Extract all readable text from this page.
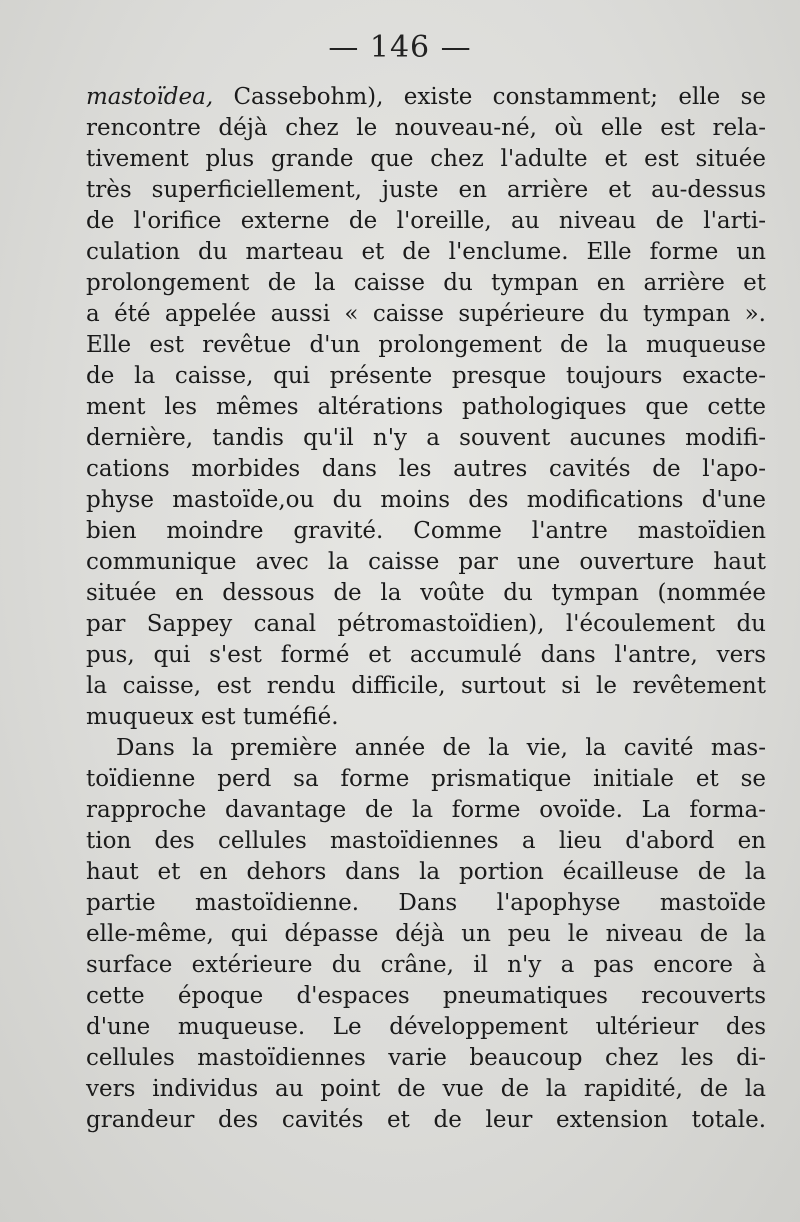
— 146 —
mastoïdea, Cassebohm), existe constamment; elle se
rencontre déjà chez le nouveau-né, où elle est rela-
tivement plus grande que chez l'adulte et est située
très superficiellement, juste en arrière et au-dessus
de l'orifice externe de l'oreille, au niveau de l'arti-
culation du marteau et de l'enclume. Elle forme un
prolongement de la caisse du tympan en arrière et
a été appelée aussi « caisse supérieure du tympan ».
Elle est revêtue d'un prolongement de la muqueuse
de la caisse, qui présente presque toujours exacte-
ment les mêmes altérations pathologiques que cette
dernière, tandis qu'il n'y a souvent aucunes modifi-
cations morbides dans les autres cavités de l'apo-
physe mastoïde,ou du moins des modifications d'une
bien moindre gravité. Comme l'antre mastoïdien
communique avec la caisse par une ouverture haut
située en dessous de la voûte du tympan (nommée
par Sappey canal pétromastoïdien), l'écoulement du
pus, qui s'est formé et accumulé dans l'antre, vers
la caisse, est rendu difficile, surtout si le revêtement
muqueux est tuméfié.
Dans la première année de la vie, la cavité mas-
toïdienne perd sa forme prismatique initiale et se
rapproche davantage de la forme ovoïde. La forma-
tion des cellules mastoïdiennes a lieu d'abord en
haut et en dehors dans la portion écailleuse de la
partie mastoïdienne. Dans l'apophyse mastoïde
elle-même, qui dépasse déjà un peu le niveau de la
surface extérieure du crâne, il n'y a pas encore à
cette époque d'espaces pneumatiques recouverts
d'une muqueuse. Le développement ultérieur des
cellules mastoïdiennes varie beaucoup chez les di-
vers individus au point de vue de la rapidité, de la
grandeur des cavités et de leur extension totale.
